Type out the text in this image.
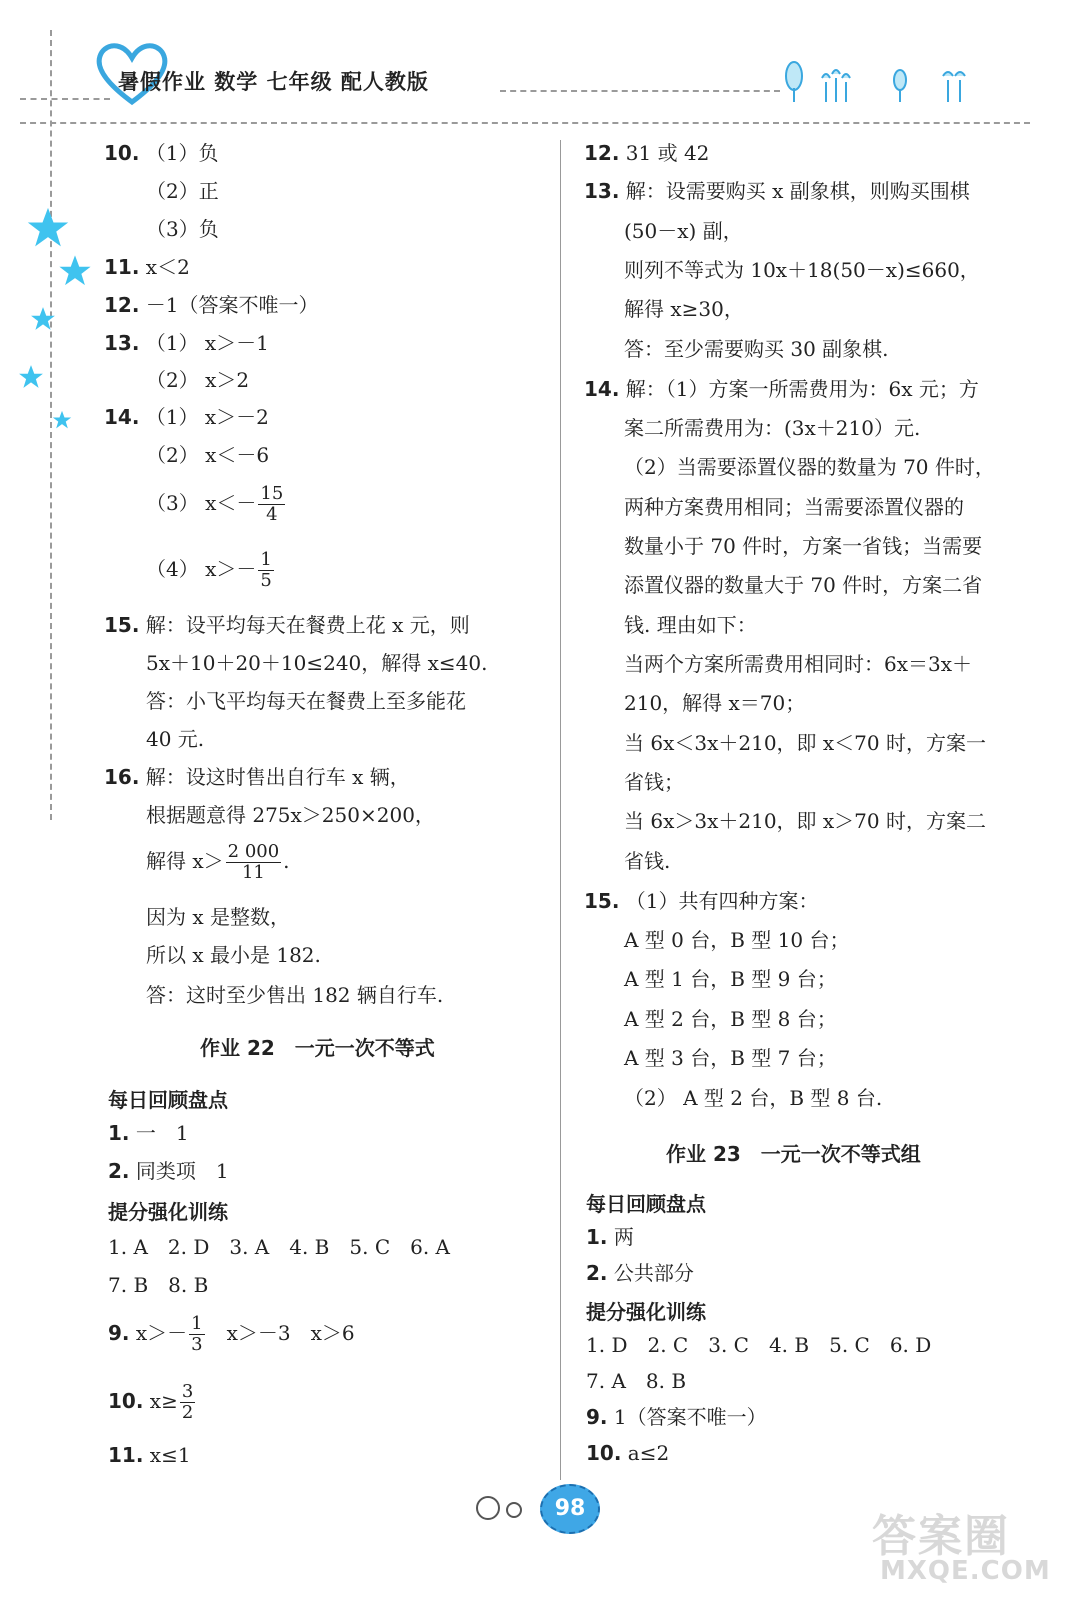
暑假作业 数学 七年级 配人教版
10. （1）负
（2）正
（3）负
11. x＜2
12. －1（答案不唯一）
13. （1） x＞－1
（2） x＞2
14. （1） x＞－2
（2） x＜－6
（3） $x<- \frac{15}{4}$
（4） $x>- \frac{1}{5}$
15. 解：设平均每天在餐费上花 x 元，则
5x＋10＋20＋10≤240，解得 x≤40.
答：小飞平均每天在餐费上至多能花
40 元.
16. 解：设这时售出自行车 x 辆，
根据题意得 275x＞250×200，
解得 $x> \frac{2 000}{11}$ .
因为 x 是整数，
所以 x 最小是 182.
答：这时至少售出 182 辆自行车.
作业 22　一元一次不等式
每日回顾盘点
1. 一　1
2. 同类项　1
提分强化训练
1. A　2. D　3. A　4. B　5. C　6. A
7. B　8. B
9. $x>- \frac{1}{3}$ 　x＞－3　x＞6
10. $x\ge \frac{3}{2}$
11. x≤1
12. 31 或 42
13. 解：设需要购买 x 副象棋，则购买围棋
(50－x) 副，
则列不等式为 10x＋18(50－x)≤660，
解得 x≥30，
答：至少需要购买 30 副象棋.
14. 解：（1）方案一所需费用为：6x 元；方
案二所需费用为：(3x＋210）元.
（2）当需要添置仪器的数量为 70 件时，
两种方案费用相同；当需要添置仪器的
数量小于 70 件时，方案一省钱；当需要
添置仪器的数量大于 70 件时，方案二省
钱. 理由如下：
当两个方案所需费用相同时：6x＝3x＋
210，解得 x＝70；
当 6x＜3x＋210，即 x＜70 时，方案一
省钱；
当 6x＞3x＋210，即 x＞70 时，方案二
省钱.
15. （1）共有四种方案：
A 型 0 台，B 型 10 台；
A 型 1 台，B 型 9 台；
A 型 2 台，B 型 8 台；
A 型 3 台，B 型 7 台；
（2） A 型 2 台，B 型 8 台.
作业 23　一元一次不等式组
每日回顾盘点
1. 两
2. 公共部分
提分强化训练
1. D　2. C　3. C　4. B　5. C　6. D
7. A　8. B
9. 1（答案不唯一）
10. a≤2
98
答案圈
MXQE.COM
